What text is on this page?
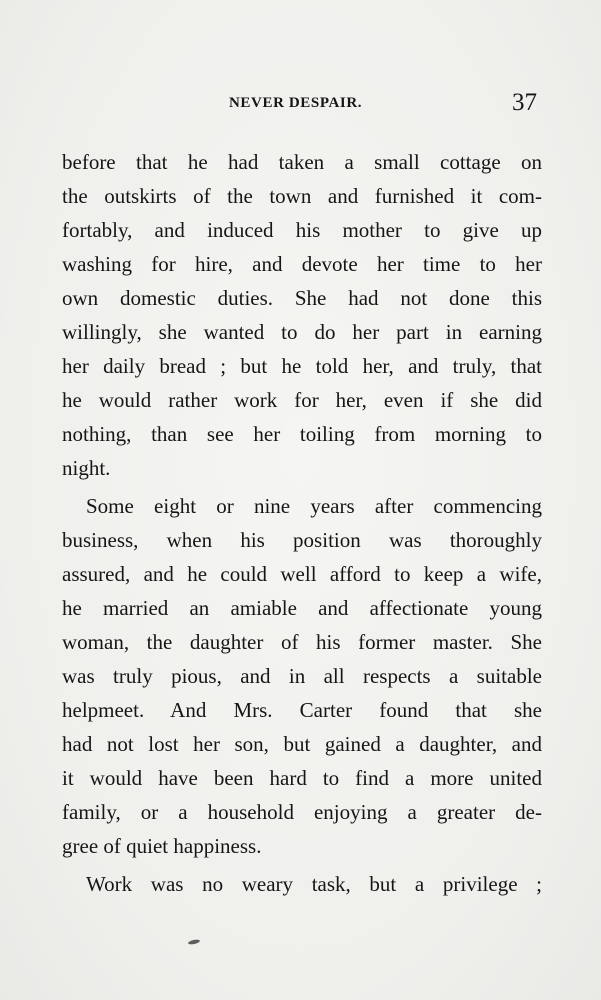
NEVER DESPAIR.	37
before that he had taken a small cottage on
the outskirts of the town and furnished it com-
fortably, and induced his mother to give up
washing for hire, and devote her time to her
own domestic duties. She had not done this
willingly, she wanted to do her part in earning
her daily bread ; but he told her, and truly, that
he would rather work for her, even if she did
nothing, than see her toiling from morning to
night.
Some eight or nine years after commencing
business, when his position was thoroughly
assured, and he could well afford to keep a wife,
he married an amiable and affectionate young
woman, the daughter of his former master. She
was truly pious, and in all respects a suitable
helpmeet. And Mrs. Carter found that she
had not lost her son, but gained a daughter, and
it would have been hard to find a more united
family, or a household enjoying a greater de-
gree of quiet happiness.
Work was no weary task, but a privilege ;
